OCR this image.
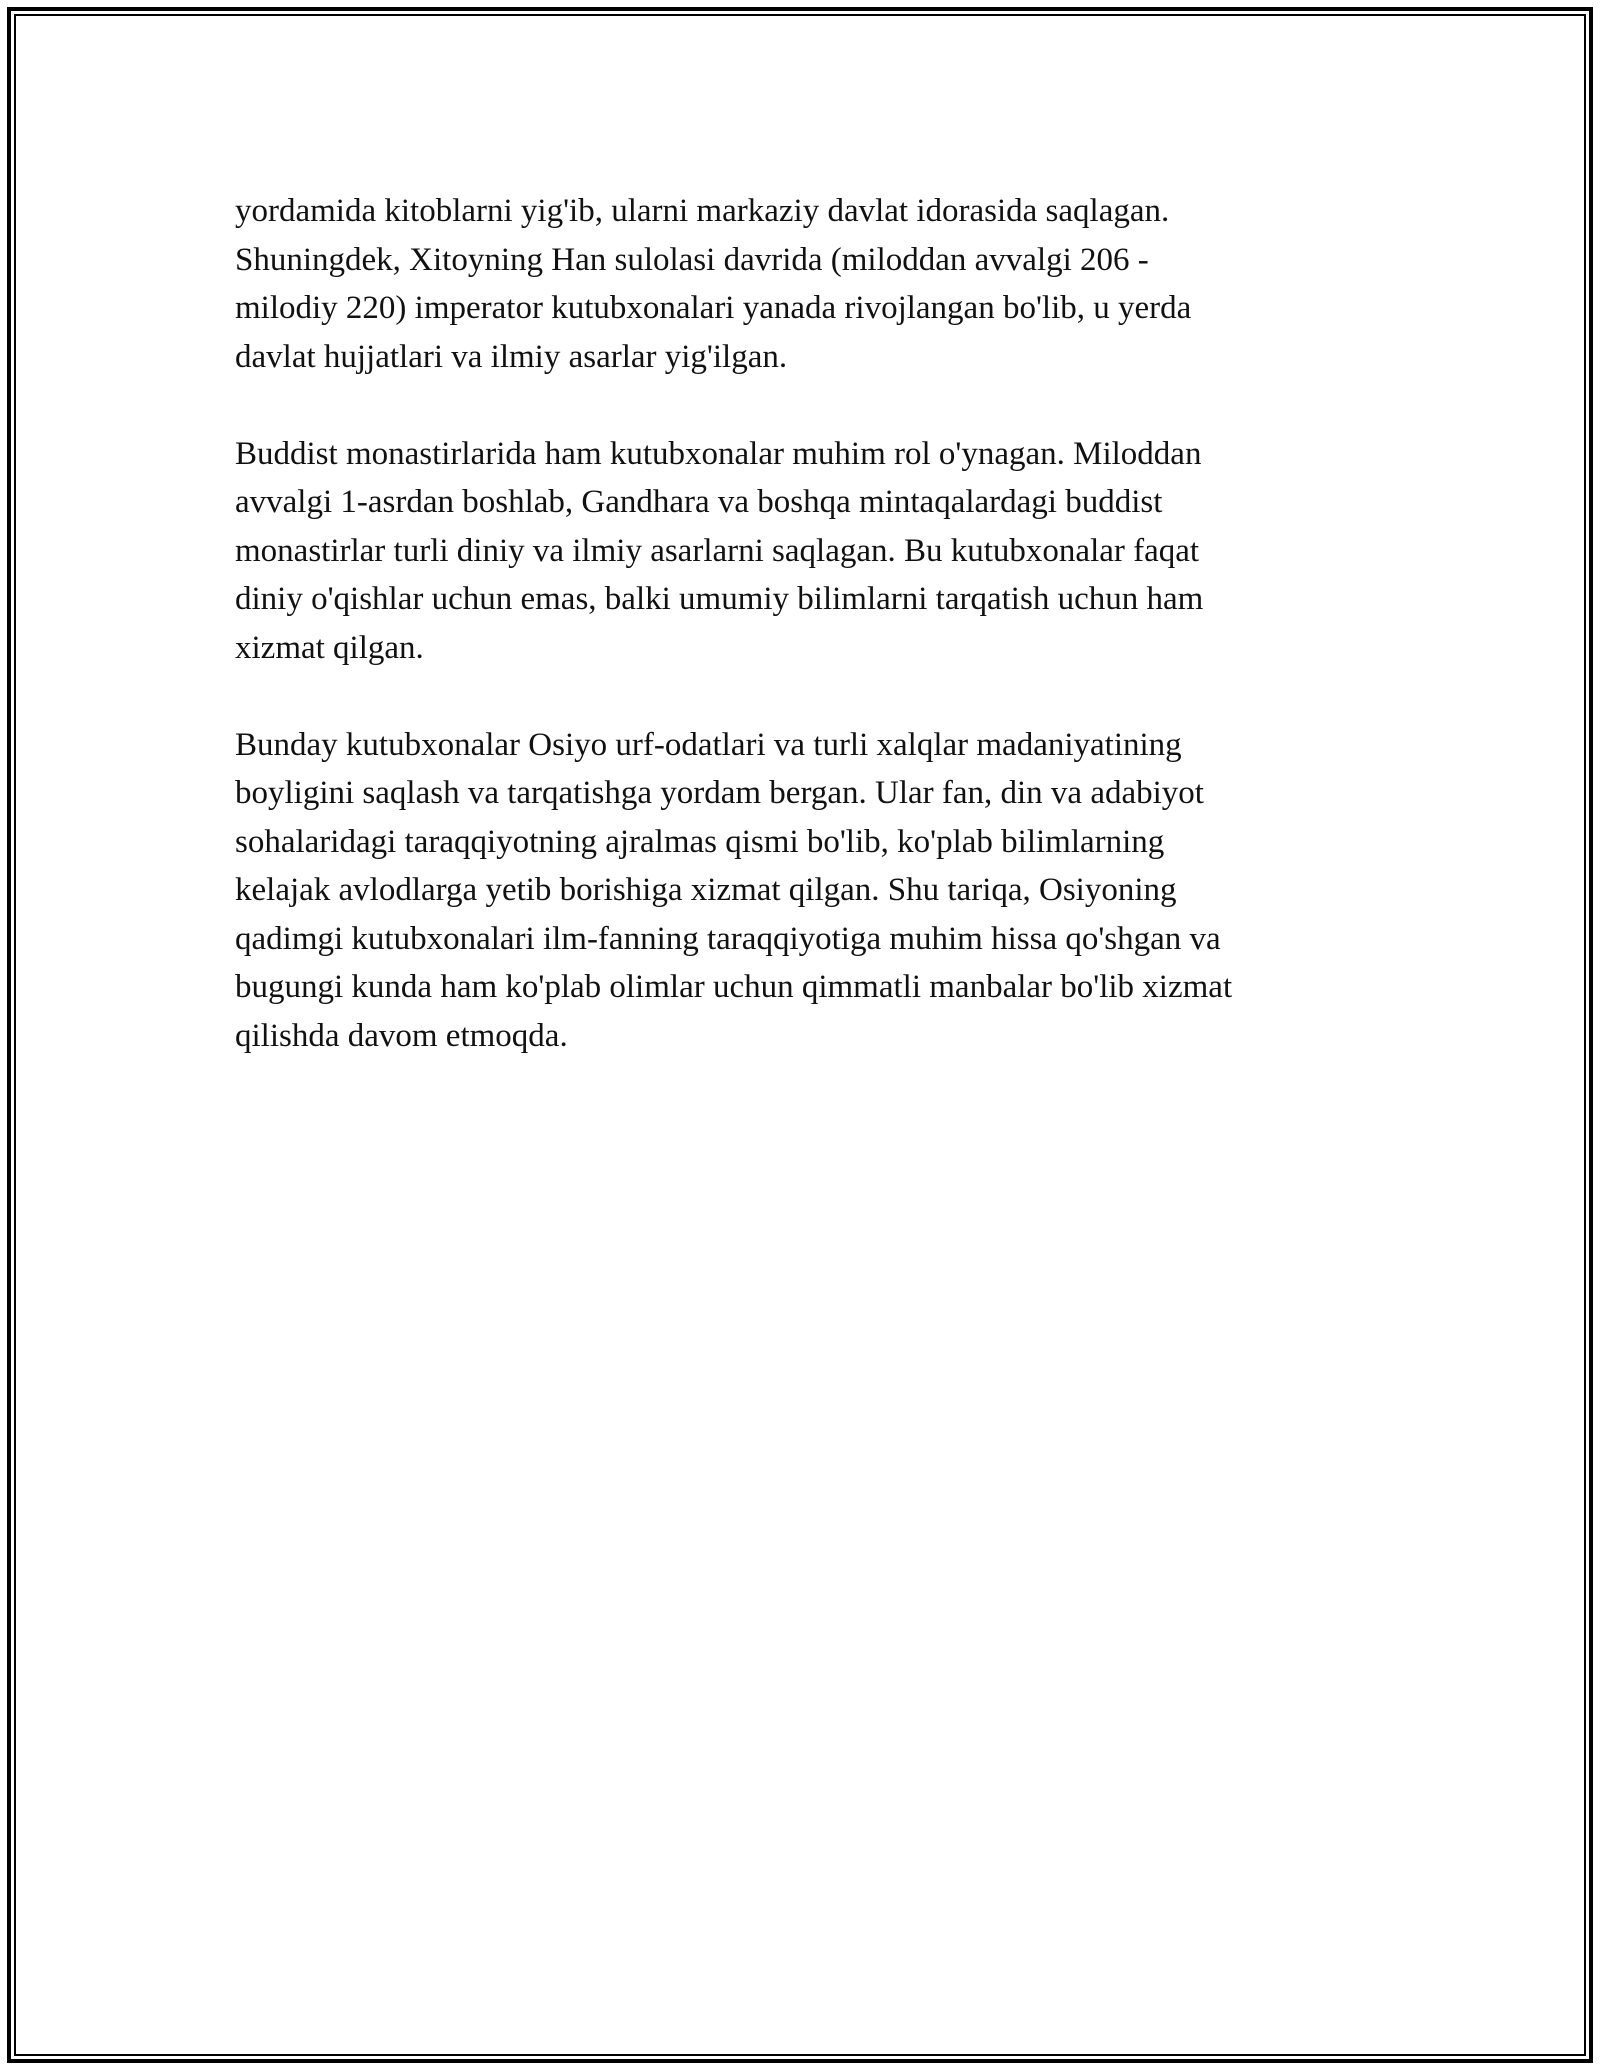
yordamida kitoblarni yig'ib, ularni markaziy davlat idorasida saqlagan.
Shuningdek, Xitoyning Han sulolasi davrida (miloddan avvalgi 206 -
milodiy 220) imperator kutubxonalari yanada rivojlangan bo'lib, u yerda
davlat hujjatlari va ilmiy asarlar yig'ilgan.

Buddist monastirlarida ham kutubxonalar muhim rol o'ynagan. Miloddan
avvalgi 1-asrdan boshlab, Gandhara va boshqa mintaqalardagi buddist
monastirlar turli diniy va ilmiy asarlarni saqlagan. Bu kutubxonalar faqat
diniy o'qishlar uchun emas, balki umumiy bilimlarni tarqatish uchun ham
xizmat qilgan.

Bunday kutubxonalar Osiyo urf-odatlari va turli xalqlar madaniyatining
boyligini saqlash va tarqatishga yordam bergan. Ular fan, din va adabiyot
sohalaridagi taraqqiyotning ajralmas qismi bo'lib, ko'plab bilimlarning
kelajak avlodlarga yetib borishiga xizmat qilgan. Shu tariqa, Osiyoning
qadimgi kutubxonalari ilm-fanning taraqqiyotiga muhim hissa qo'shgan va
bugungi kunda ham ko'plab olimlar uchun qimmatli manbalar bo'lib xizmat
qilishda davom etmoqda.
